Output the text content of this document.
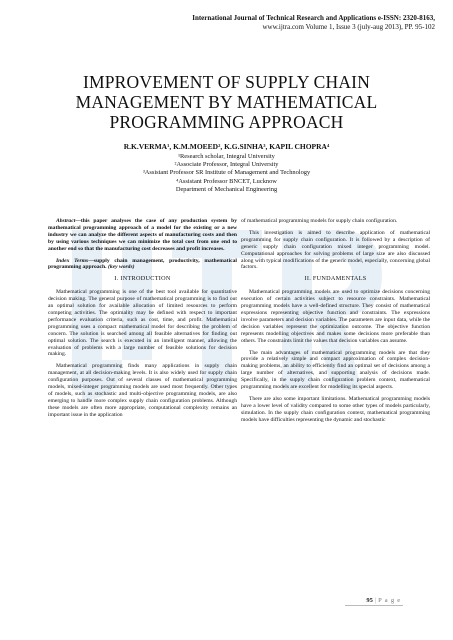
International Journal of Technical Research and Applications e-ISSN: 2320-8163,
www.ijtra.com Volume 1, Issue 3 (july-aug 2013), PP. 95-102
IMPROVEMENT OF SUPPLY CHAIN
MANAGEMENT BY MATHEMATICAL
PROGRAMMING APPROACH
R.K.VERMA¹, K.M.MOEED², K.G.SINHA³, KAPIL CHOPRA⁴
¹Research scholar, Integral University
²Associate Professor, Integral University
³Assistant Professor SR Institute of Management and Technology
⁴Assistant Professor BNCET, Lucknow
Department of Mechanical Engineering

Abstract—this paper analyses the case of any production system by mathematical programming approach of a model for the existing or a new industry we can analyze the different aspects of manufacturing costs and then by using various techniques we can minimize the total cost from one end to another end so that the manufacturing cost decreases and profit increases.

Index Terms—supply chain management, productivity, mathematical programming approach. (key words)

I. INTRODUCTION

Mathematical programming is one of the best tool available for quantitative decision making. The general purpose of mathematical programming is to find out an optimal solution for available allocation of limited resources to perform competing activities. The optimality may be defined with respect to important performance evaluation criteria, such as cost, time, and profit. Mathematical programming uses a compact mathematical model for describing the problem of concern. The solution is searched among all feasible alternatives for finding out optimal solution. The search is executed in an intelligent manner, allowing the evaluation of problems with a large number of feasible solutions for decision making.

Mathematical programming finds many applications in supply chain management, at all decision-making levels. It is also widely used for supply chain configuration purposes. Out of several classes of mathematical programming models, mixed-integer programming models are used most frequently. Other types of models, such as stochastic and multi-objective programming models, are also emerging to handle more complex supply chain configuration problems. Although these models are often more appropriate, computational complexity remains an important issue in the application

of mathematical programming models for supply chain configuration.

This investigation is aimed to describe application of mathematical programming for supply chain configuration. It is followed by a description of generic supply chain configuration mixed integer programming model. Computational approaches for solving problems of large size are also discussed along with typical modifications of the generic model, especially, concerning global factors.

II. FUNDAMENTALS

Mathematical programming models are used to optimize decisions concerning execution of certain activities subject to resource constraints. Mathematical programming models have a well-defined structure. They consist of mathematical expressions representing objective function and constraints. The expressions involve parameters and decision variables. The parameters are input data, while the decision variables represent the optimization outcome. The objective function represents modelling objectives and makes some decisions more preferable than others. The constraints limit the values that decision variables can assume.

The main advantages of mathematical programming models are that they provide a relatively simple and compact approximation of complex decision-making problems, an ability to efficiently find an optimal set of decisions among a large number of alternatives, and supporting analysis of decisions made. Specifically, in the supply chain configuration problem context, mathematical programming models are excellent for modelling its special aspects.

There are also some important limitations. Mathematical programming models have a lower level of validity compared to some other types of models particularly, simulation. In the supply chain configuration context, mathematical programming models have difficulties representing the dynamic and stochastic

95 | P a g e
